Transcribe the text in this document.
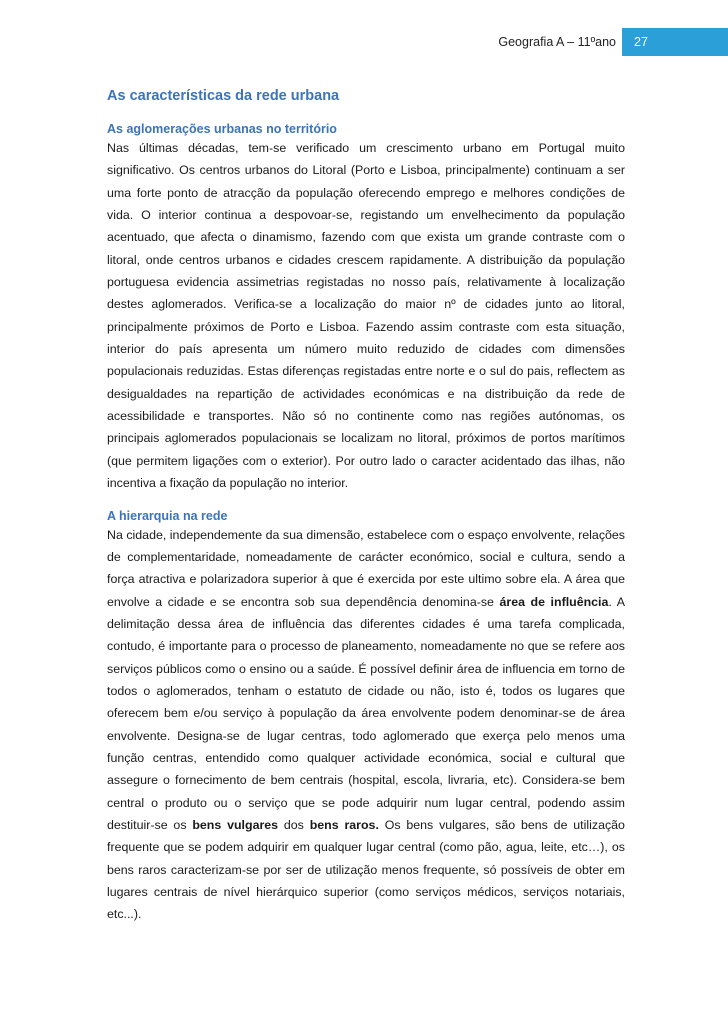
Geografia A – 11ºano 27
As características da rede urbana
As aglomerações urbanas no território

Nas últimas décadas, tem-se verificado um crescimento urbano em Portugal muito significativo. Os centros urbanos do Litoral (Porto e Lisboa, principalmente) continuam a ser uma forte ponto de atracção da população oferecendo emprego e melhores condições de vida. O interior continua a despovoar-se, registando um envelhecimento da população acentuado, que afecta o dinamismo, fazendo com que exista um grande contraste com o litoral, onde centros urbanos e cidades crescem rapidamente. A distribuição da população portuguesa evidencia assimetrias registadas no nosso país, relativamente à localização destes aglomerados. Verifica-se a localização do maior nº de cidades junto ao litoral, principalmente próximos de Porto e Lisboa. Fazendo assim contraste com esta situação, interior do país apresenta um número muito reduzido de cidades com dimensões populacionais reduzidas. Estas diferenças registadas entre norte e o sul do pais, reflectem as desigualdades na repartição de actividades económicas e na distribuição da rede de acessibilidade e transportes. Não só no continente como nas regiões autónomas, os principais aglomerados populacionais se localizam no litoral, próximos de portos marítimos (que permitem ligações com o exterior). Por outro lado o caracter acidentado das ilhas, não incentiva a fixação da população no interior.

A hierarquia na rede

Na cidade, independemente da sua dimensão, estabelece com o espaço envolvente, relações de complementaridade, nomeadamente de carácter económico, social e cultura, sendo a força atractiva e polarizadora superior à que é exercida por este ultimo sobre ela. A área que envolve a cidade e se encontra sob sua dependência denomina-se área de influência. A delimitação dessa área de influência das diferentes cidades é uma tarefa complicada, contudo, é importante para o processo de planeamento, nomeadamente no que se refere aos serviços públicos como o ensino ou a saúde. É possível definir área de influencia em torno de todos o aglomerados, tenham o estatuto de cidade ou não, isto é, todos os lugares que oferecem bem e/ou serviço à população da área envolvente podem denominar-se de área envolvente. Designa-se de lugar centras, todo aglomerado que exerça pelo menos uma função centras, entendido como qualquer actividade económica, social e cultural que assegure o fornecimento de bem centrais (hospital, escola, livraria, etc). Considera-se bem central o produto ou o serviço que se pode adquirir num lugar central, podendo assim destituir-se os bens vulgares dos bens raros. Os bens vulgares, são bens de utilização frequente que se podem adquirir em qualquer lugar central (como pão, agua, leite, etc…), os bens raros caracterizam-se por ser de utilização menos frequente, só possíveis de obter em lugares centrais de nível hierárquico superior (como serviços médicos, serviços notariais, etc...).
